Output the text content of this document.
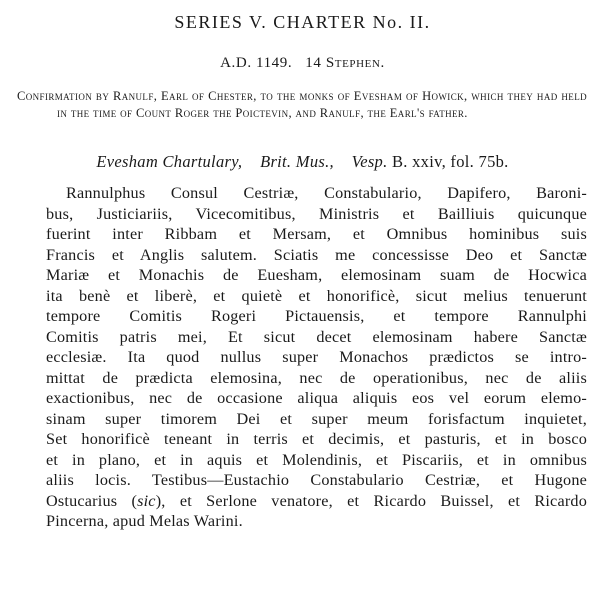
SERIES V. CHARTER No. II.
A.D. 1149. 14 Stephen.
Confirmation by Ranulf, Earl of Chester, to the monks of Evesham of Howick, which they had held in the time of Count Roger the Poictevin, and Ranulf, the Earl's father.
Evesham Chartulary, Brit. Mus., Vesp. B. xxiv, fol. 75b.
Rannulphus Consul Cestriæ, Constabulario, Dapifero, Baroni-
bus, Justiciariis, Vicecomitibus, Ministris et Bailliuis quicunque
fuerint inter Ribbam et Mersam, et Omnibus hominibus suis
Francis et Anglis salutem. Sciatis me concessisse Deo et Sanctæ
Mariæ et Monachis de Euesham, elemosinam suam de Hocwica
ita benè et liberè, et quietè et honorificè, sicut melius tenuerunt
tempore Comitis Rogeri Pictauensis, et tempore Rannulphi
Comitis patris mei, Et sicut decet elemosinam habere Sanctæ
ecclesiæ. Ita quod nullus super Monachos prædictos se intro-
mittat de prædicta elemosina, nec de operationibus, nec de aliis
exactionibus, nec de occasione aliqua aliquis eos vel eorum elemo-
sinam super timorem Dei et super meum forisfactum inquietet,
Set honorificè teneant in terris et decimis, et pasturis, et in bosco
et in plano, et in aquis et Molendinis, et Piscariis, et in omnibus
aliis locis. Testibus—Eustachio Constabulario Cestriæ, et Hugone
Ostucarius (sic), et Serlone venatore, et Ricardo Buissel, et Ricardo
Pincerna, apud Melas Warini.
